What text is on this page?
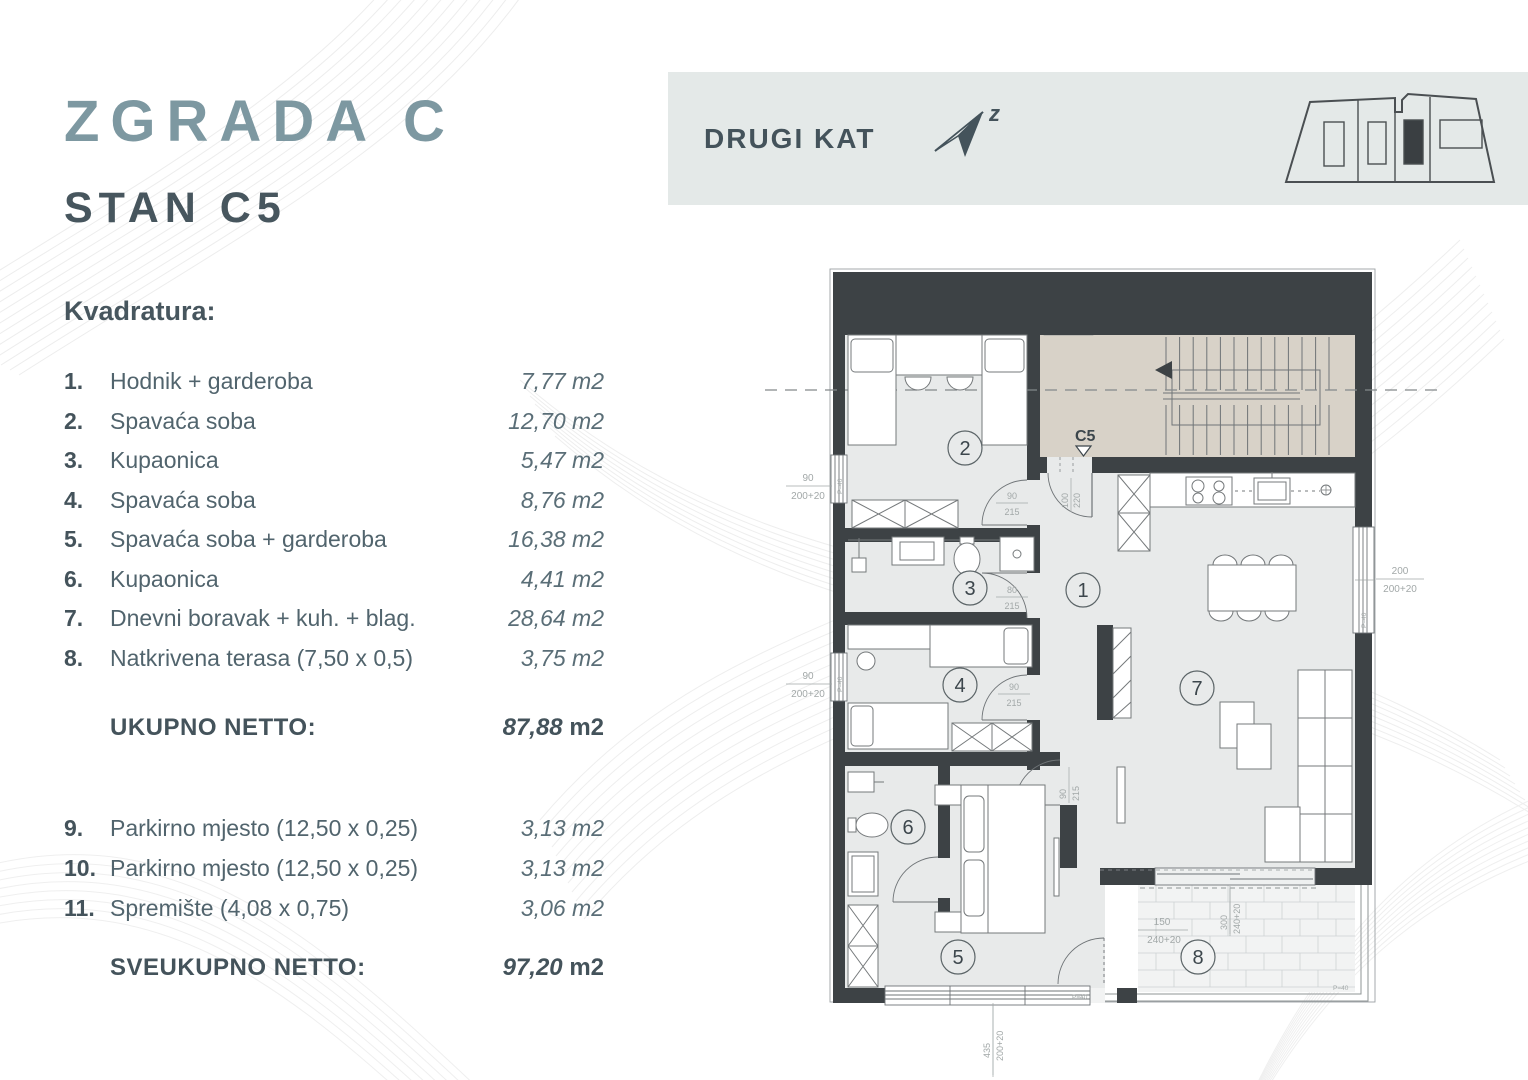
ZGRADA C
STAN C5
Kvadratura:
1.	Hodnik + garderoba	7,77 m2
2.	Spavaća soba	12,70 m2
3.	Kupaonica	5,47 m2
4.	Spavaća soba	8,76 m2
5.	Spavaća soba + garderoba	16,38 m2
6.	Kupaonica	4,41 m2
7.	Dnevni boravak + kuh. + blag.	28,64 m2
8.	Natkrivena terasa (7,50 x 0,5)	3,75 m2
UKUPNO NETTO:	87,88 m2
9.	Parkirno mjesto (12,50 x 0,25)	3,13 m2
10. Parkirno mjesto (12,50 x 0,25)	3,13 m2
11. Spremište (4,08 x 0,75)	3,06 m2
SVEUKUPNO NETTO:	97,20 m2
DRUGI KAT
z
C5
100 220
1
2
3
4
5
6
7
8
90
200+20
90
200+20
200
200+20
90
215
80
215
90
215
90 215
435 200+20
150
240+20
300 240+20
P=40
P=40
P=40
P=40
P=40
